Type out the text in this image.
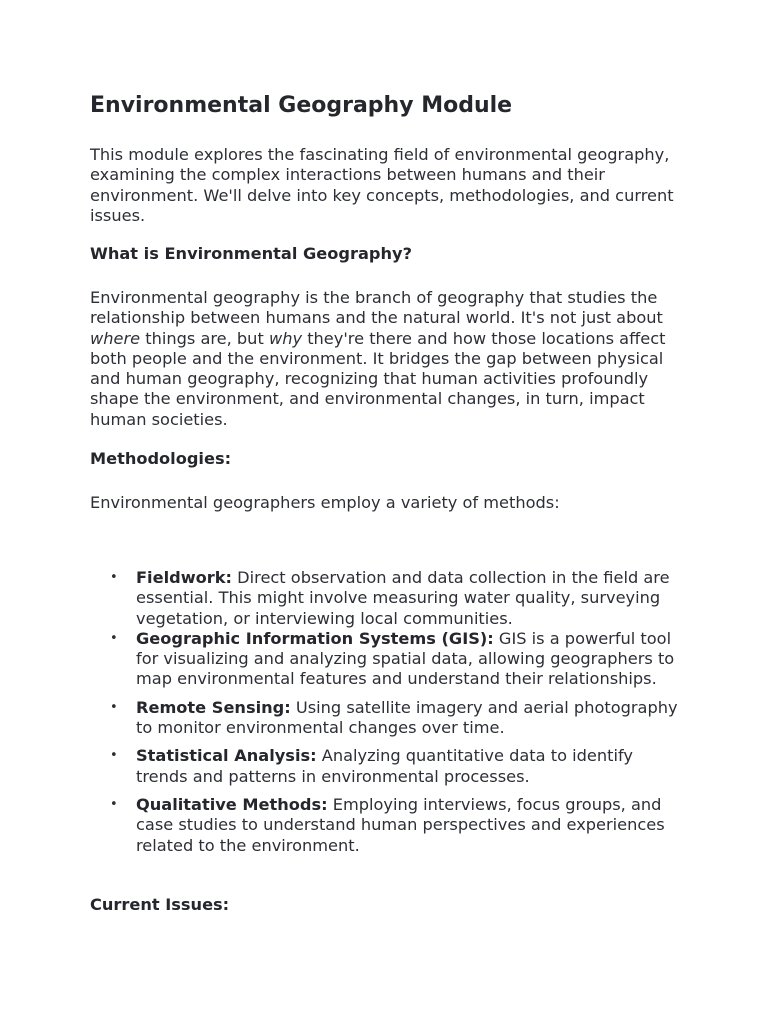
Environmental Geography Module

This module explores the fascinating field of environmental geography, examining the complex interactions between humans and their environment. We'll delve into key concepts, methodologies, and current issues.

What is Environmental Geography?

Environmental geography is the branch of geography that studies the relationship between humans and the natural world. It's not just about where things are, but why they're there and how those locations affect both people and the environment. It bridges the gap between physical and human geography, recognizing that human activities profoundly shape the environment, and environmental changes, in turn, impact human societies.

Methodologies:

Environmental geographers employ a variety of methods:

• Fieldwork: Direct observation and data collection in the field are essential. This might involve measuring water quality, surveying vegetation, or interviewing local communities.
• Geographic Information Systems (GIS): GIS is a powerful tool for visualizing and analyzing spatial data, allowing geographers to map environmental features and understand their relationships.
• Remote Sensing: Using satellite imagery and aerial photography to monitor environmental changes over time.
• Statistical Analysis: Analyzing quantitative data to identify trends and patterns in environmental processes.
• Qualitative Methods: Employing interviews, focus groups, and case studies to understand human perspectives and experiences related to the environment.
Current Issues:
